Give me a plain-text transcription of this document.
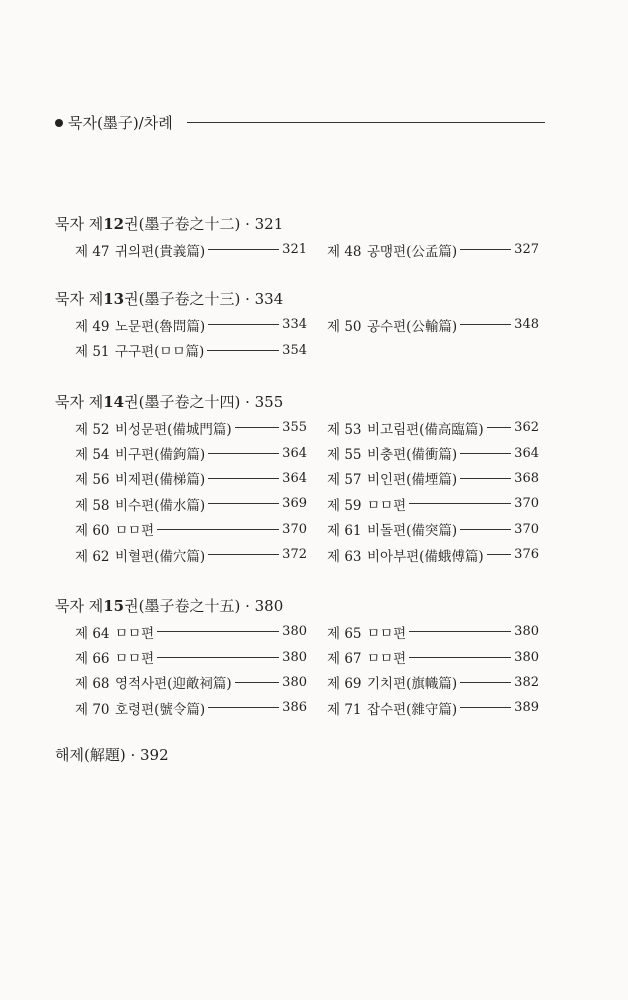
묵자(墨子)/차례
묵자 제12권(墨子卷之十二) · 321
제 47 귀의편(貴義篇)	321 제 48 공맹편(公孟篇)	327
묵자 제13권(墨子卷之十三) · 334
제 49 노문편(魯問篇)	334 제 50 공수편(公輸篇)	348
제 51 구구편(ㅁㅁ篇)	354
묵자 제14권(墨子卷之十四) · 355
제 52 비성문편(備城門篇)	355 제 53 비고림편(備高臨篇) 362
제 54 비구편(備鉤篇)	364 제 55 비충편(備衝篇)	364
제 56 비제편(備梯篇)	364 제 57 비인편(備堙篇)	368
제 58 비수편(備水篇)	369 제 59 ㅁㅁ편	370
제 60 ㅁㅁ편	370 제 61 비돌편(備突篇)	370
제 62 비혈편(備穴篇)	372 제 63 비아부편(備蛾傅篇) 376
묵자 제15권(墨子卷之十五) · 380
제 64 ㅁㅁ편	380 제 65 ㅁㅁ편	380
제 66 ㅁㅁ편	380 제 67 ㅁㅁ편	380
제 68 영적사편(迎敵祠篇)	380 제 69 기치편(旗幟篇)	382
제 70 호령편(號令篇)	386 제 71 잡수편(雜守篇)	389
해제(解題) · 392
